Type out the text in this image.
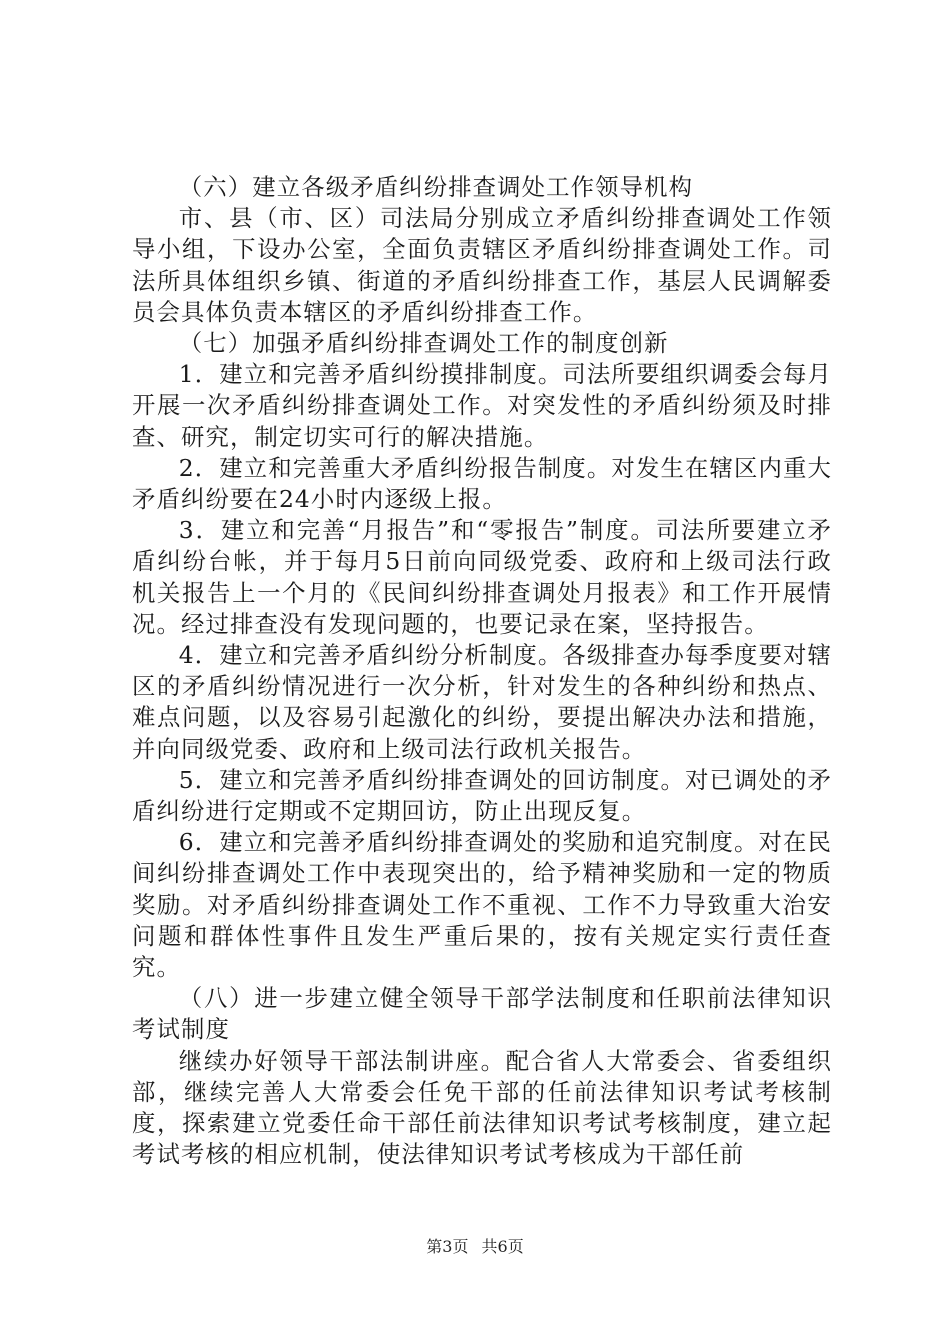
（六）建立各级矛盾纠纷排查调处工作领导机构

市、县（市、区）司法局分别成立矛盾纠纷排查调处工作领导小组，下设办公室，全面负责辖区矛盾纠纷排查调处工作。司法所具体组织乡镇、街道的矛盾纠纷排查工作，基层人民调解委员会具体负责本辖区的矛盾纠纷排查工作。

（七）加强矛盾纠纷排查调处工作的制度创新

1．建立和完善矛盾纠纷摸排制度。司法所要组织调委会每月开展一次矛盾纠纷排查调处工作。对突发性的矛盾纠纷须及时排查、研究，制定切实可行的解决措施。

2．建立和完善重大矛盾纠纷报告制度。对发生在辖区内重大矛盾纠纷要在24小时内逐级上报。

3．建立和完善“月报告”和“零报告”制度。司法所要建立矛盾纠纷台帐，并于每月5日前向同级党委、政府和上级司法行政机关报告上一个月的《民间纠纷排查调处月报表》和工作开展情况。经过排查没有发现问题的，也要记录在案，坚持报告。

4．建立和完善矛盾纠纷分析制度。各级排查办每季度要对辖区的矛盾纠纷情况进行一次分析，针对发生的各种纠纷和热点、难点问题，以及容易引起激化的纠纷，要提出解决办法和措施，并向同级党委、政府和上级司法行政机关报告。

5．建立和完善矛盾纠纷排查调处的回访制度。对已调处的矛盾纠纷进行定期或不定期回访，防止出现反复。

6．建立和完善矛盾纠纷排查调处的奖励和追究制度。对在民间纠纷排查调处工作中表现突出的，给予精神奖励和一定的物质奖励。对矛盾纠纷排查调处工作不重视、工作不力导致重大治安问题和群体性事件且发生严重后果的，按有关规定实行责任查究。

（八）进一步建立健全领导干部学法制度和任职前法律知识考试制度

继续办好领导干部法制讲座。配合省人大常委会、省委组织部，继续完善人大常委会任免干部的任前法律知识考试考核制度，探索建立党委任命干部任前法律知识考试考核制度，建立起考试考核的相应机制，使法律知识考试考核成为干部任前

第3页 共6页
